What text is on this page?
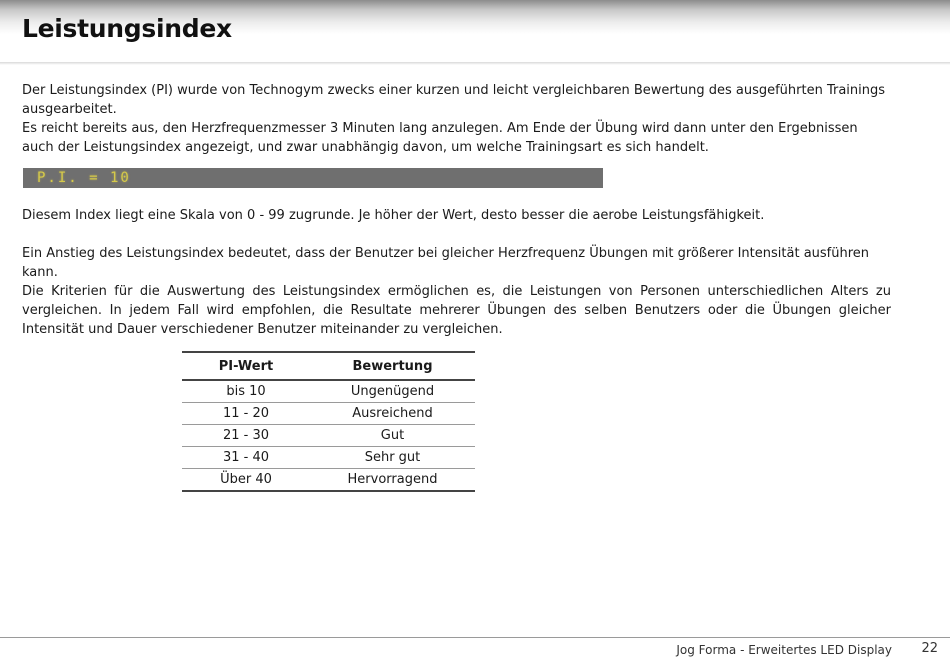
Leistungsindex

Der Leistungsindex (PI) wurde von Technogym zwecks einer kurzen und leicht vergleichbaren Bewertung des ausgeführten Trainings ausgearbeitet.

Es reicht bereits aus, den Herzfrequenzmesser 3 Minuten lang anzulegen. Am Ende der Übung wird dann unter den Ergebnissen auch der Leistungsindex angezeigt, und zwar unabhängig davon, um welche Trainingsart es sich handelt.

P.I. = 10

Diesem Index liegt eine Skala von 0 - 99 zugrunde. Je höher der Wert, desto besser die aerobe Leistungsfähigkeit.

Ein Anstieg des Leistungsindex bedeutet, dass der Benutzer bei gleicher Herzfrequenz Übungen mit größerer Intensität ausführen kann.

Die Kriterien für die Auswertung des Leistungsindex ermöglichen es, die Leistungen von Personen unterschiedlichen Alters zu vergleichen. In jedem Fall wird empfohlen, die Resultate mehrerer Übungen des selben Benutzers oder die Übungen gleicher Intensität und Dauer verschiedener Benutzer miteinander zu vergleichen.

PI-Wert	Bewertung
bis 10	Ungenügend
11 - 20	Ausreichend
21 - 30	Gut
31 - 40	Sehr gut
Über 40	Hervorragend
Jog Forma - Erweitertes LED Display 22
